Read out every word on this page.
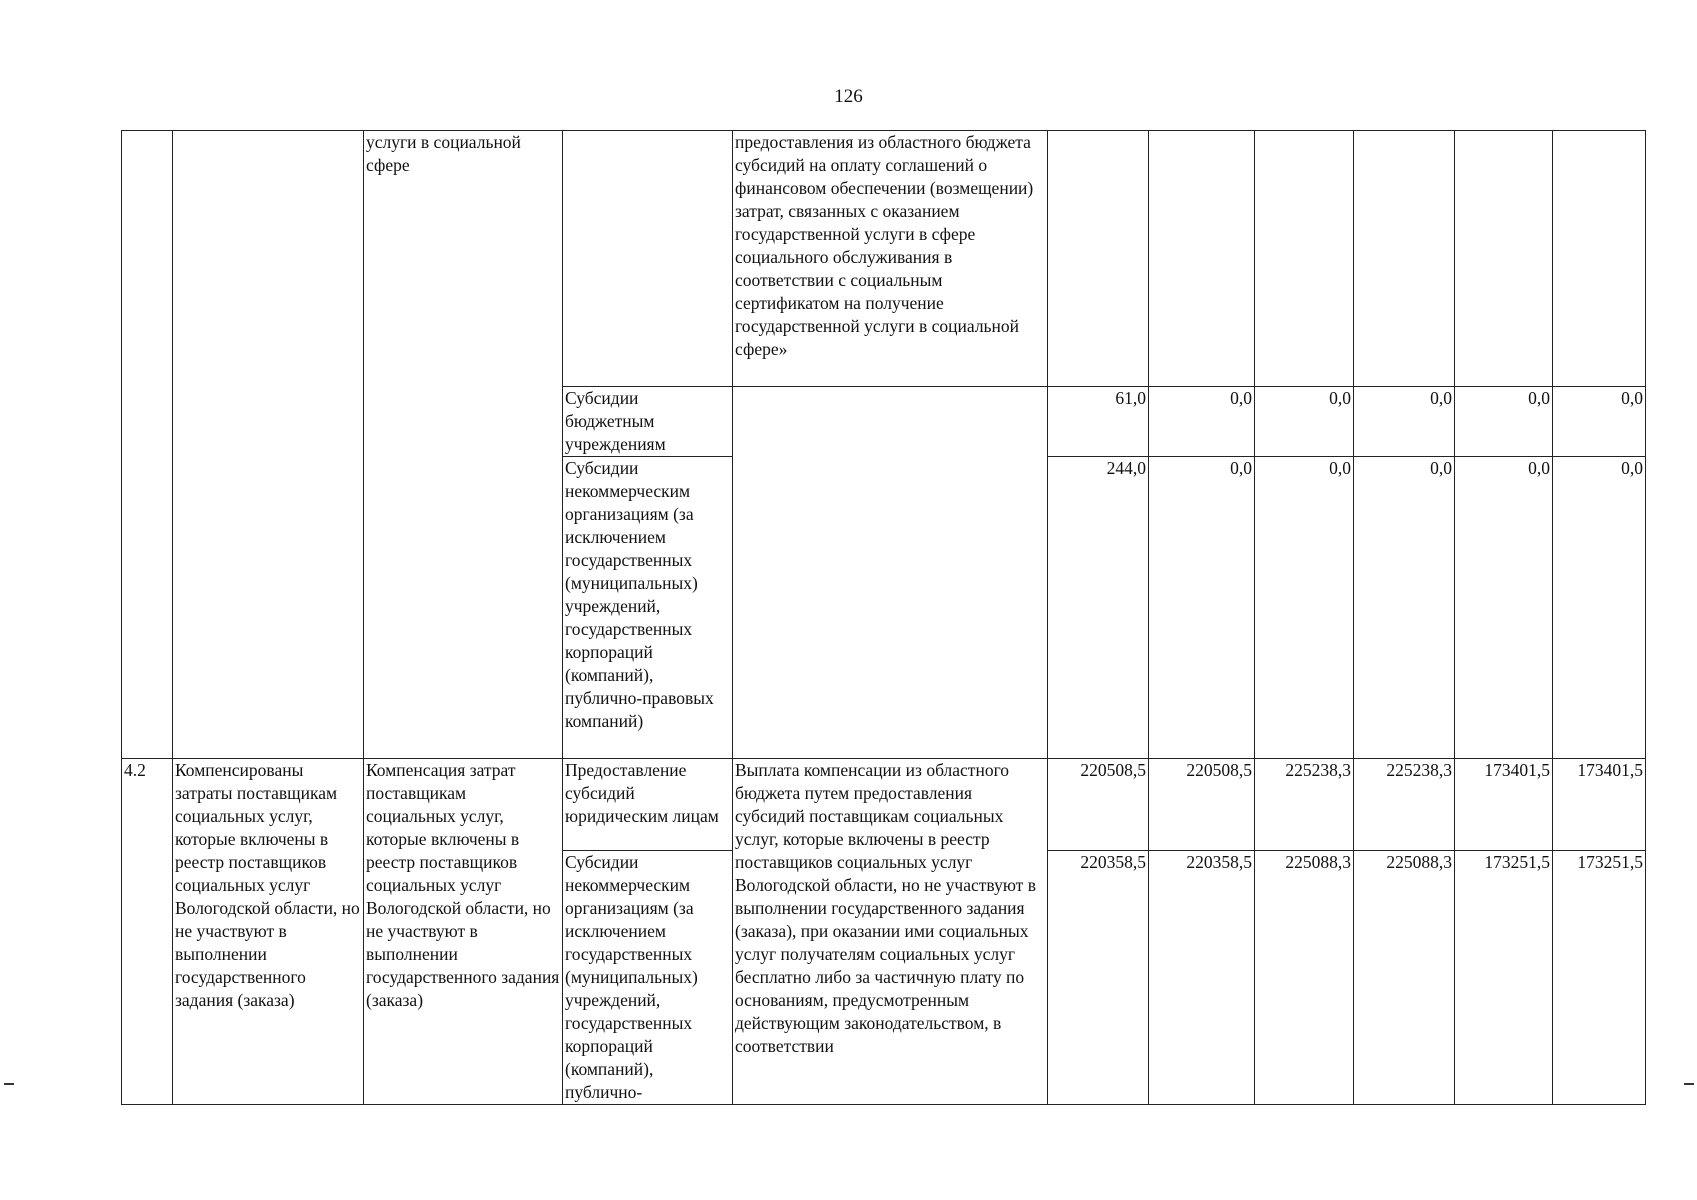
126
		услуги в социальной сфере		предоставления из областного бюджета субсидий на оплату соглашений о финансовом обеспечении (возмещении) затрат, связанных с оказанием государственной услуги в сфере социального обслуживания в соответствии с социальным сертификатом на получение государственной услуги в социальной сфере»						
			Субсидии бюджетным учреждениям		61,0	0,0	0,0	0,0	0,0	0,0
			Субсидии некоммерческим организациям (за исключением государственных (муниципальных) учреждений, государственных корпораций (компаний), публично-правовых компаний)		244,0	0,0	0,0	0,0	0,0	0,0
4.2	Компенсированы затраты поставщикам социальных услуг, которые включены в реестр поставщиков социальных услуг Вологодской области, но не участвуют в выполнении государственного задания (заказа)	Компенсация затрат поставщикам социальных услуг, которые включены в реестр поставщиков социальных услуг Вологодской области, но не участвуют в выполнении государственного задания (заказа)	Предоставление субсидий юридическим лицам	Выплата компенсации из областного бюджета путем предоставления субсидий поставщикам социальных услуг, которые включены в реестр поставщиков социальных услуг Вологодской области, но не участвуют в выполнении государственного задания (заказа), при оказании ими социальных услуг получателям социальных услуг бесплатно либо за частичную плату по основаниям, предусмотренным действующим законодательством, в соответствии	220508,5	220508,5	225238,3	225238,3	173401,5	173401,5
			Субсидии некоммерческим организациям (за исключением государственных (муниципальных) учреждений, государственных корпораций (компаний), публично-		220358,5	220358,5	225088,3	225088,3	173251,5	173251,5
